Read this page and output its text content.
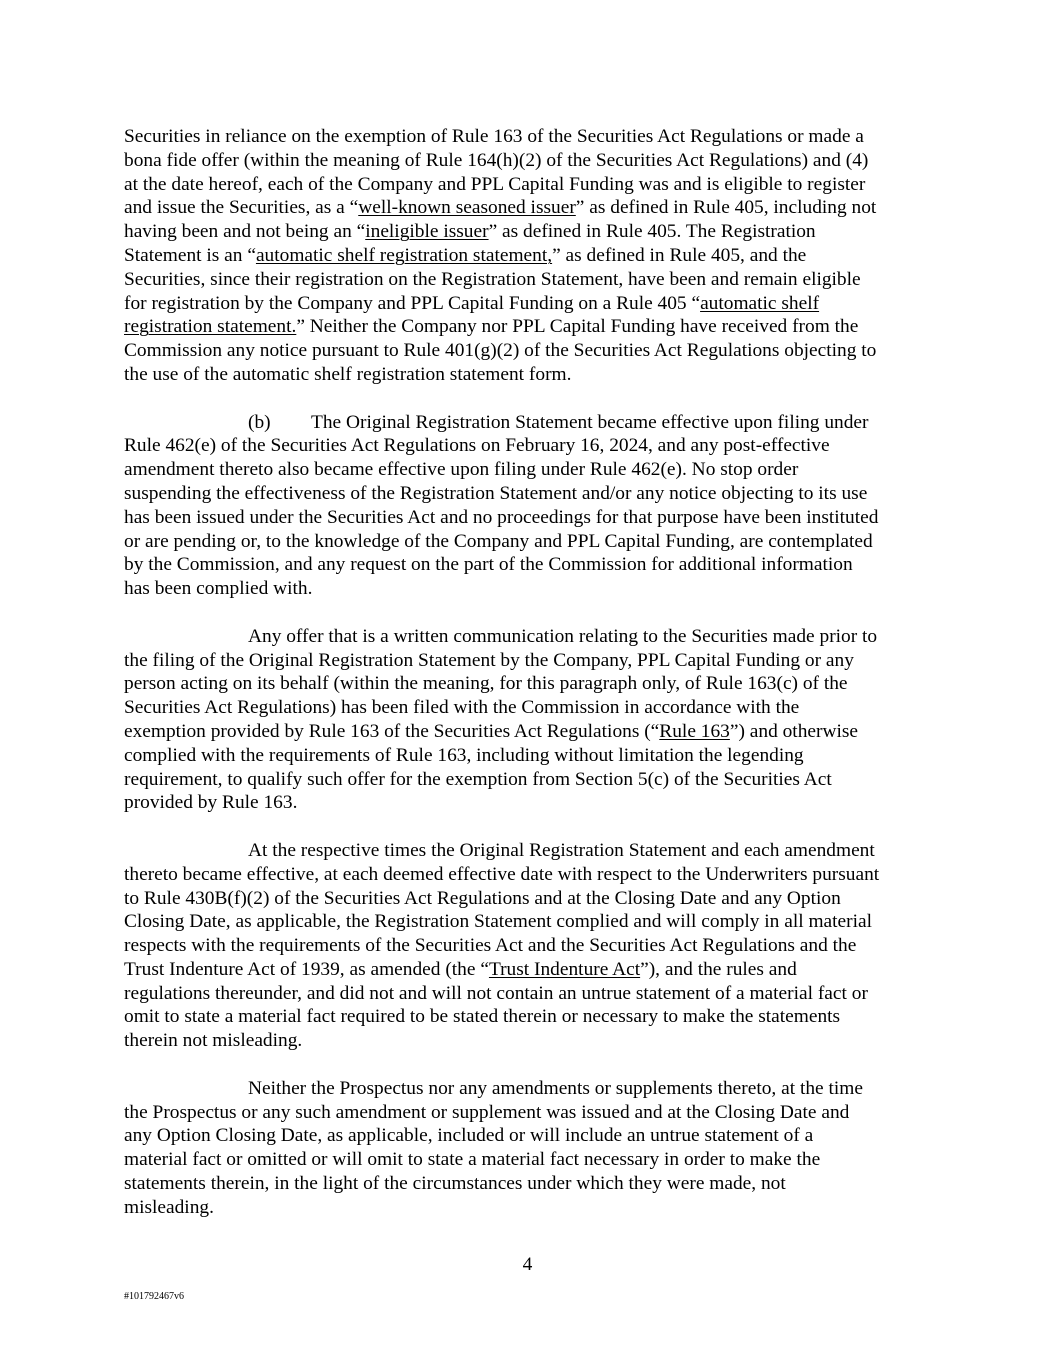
Securities in reliance on the exemption of Rule 163 of the Securities Act Regulations or made a
bona fide offer (within the meaning of Rule 164(h)(2) of the Securities Act Regulations) and (4)
at the date hereof, each of the Company and PPL Capital Funding was and is eligible to register
and issue the Securities, as a “well-known seasoned issuer” as defined in Rule 405, including not
having been and not being an “ineligible issuer” as defined in Rule 405. The Registration
Statement is an “automatic shelf registration statement,” as defined in Rule 405, and the
Securities, since their registration on the Registration Statement, have been and remain eligible
for registration by the Company and PPL Capital Funding on a Rule 405 “automatic shelf
registration statement.” Neither the Company nor PPL Capital Funding have received from the
Commission any notice pursuant to Rule 401(g)(2) of the Securities Act Regulations objecting to
the use of the automatic shelf registration statement form.

(b) The Original Registration Statement became effective upon filing under
Rule 462(e) of the Securities Act Regulations on February 16, 2024, and any post-effective
amendment thereto also became effective upon filing under Rule 462(e). No stop order
suspending the effectiveness of the Registration Statement and/or any notice objecting to its use
has been issued under the Securities Act and no proceedings for that purpose have been instituted
or are pending or, to the knowledge of the Company and PPL Capital Funding, are contemplated
by the Commission, and any request on the part of the Commission for additional information
has been complied with.

Any offer that is a written communication relating to the Securities made prior to
the filing of the Original Registration Statement by the Company, PPL Capital Funding or any
person acting on its behalf (within the meaning, for this paragraph only, of Rule 163(c) of the
Securities Act Regulations) has been filed with the Commission in accordance with the
exemption provided by Rule 163 of the Securities Act Regulations (“Rule 163”) and otherwise
complied with the requirements of Rule 163, including without limitation the legending
requirement, to qualify such offer for the exemption from Section 5(c) of the Securities Act
provided by Rule 163.

At the respective times the Original Registration Statement and each amendment
thereto became effective, at each deemed effective date with respect to the Underwriters pursuant
to Rule 430B(f)(2) of the Securities Act Regulations and at the Closing Date and any Option
Closing Date, as applicable, the Registration Statement complied and will comply in all material
respects with the requirements of the Securities Act and the Securities Act Regulations and the
Trust Indenture Act of 1939, as amended (the “Trust Indenture Act”), and the rules and
regulations thereunder, and did not and will not contain an untrue statement of a material fact or
omit to state a material fact required to be stated therein or necessary to make the statements
therein not misleading.

Neither the Prospectus nor any amendments or supplements thereto, at the time
the Prospectus or any such amendment or supplement was issued and at the Closing Date and
any Option Closing Date, as applicable, included or will include an untrue statement of a
material fact or omitted or will omit to state a material fact necessary in order to make the
statements therein, in the light of the circumstances under which they were made, not
misleading.

4
#101792467v6
